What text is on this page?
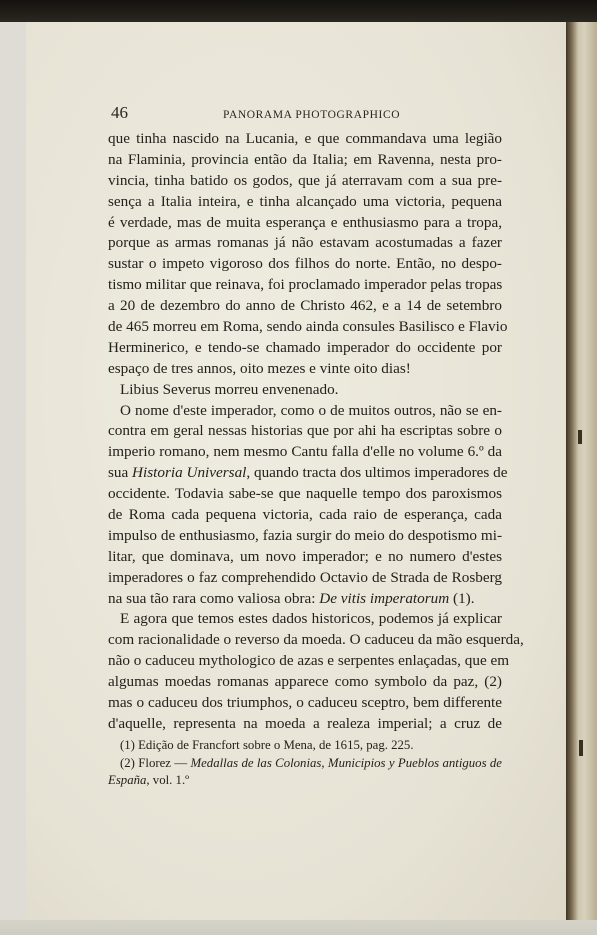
46	PANORAMA PHOTOGRAPHICO
que tinha nascido na Lucania, e que commandava uma legião
na Flaminia, provincia então da Italia; em Ravenna, nesta pro-
vincia, tinha batido os godos, que já aterravam com a sua pre-
sença a Italia inteira, e tinha alcançado uma victoria, pequena
é verdade, mas de muita esperança e enthusiasmo para a tropa,
porque as armas romanas já não estavam acostumadas a fazer
sustar o impeto vigoroso dos filhos do norte. Então, no despo-
tismo militar que reinava, foi proclamado imperador pelas tropas
a 20 de dezembro do anno de Christo 462, e a 14 de setembro
de 465 morreu em Roma, sendo ainda consules Basilisco e Flavio
Herminerico, e tendo-se chamado imperador do occidente por
espaço de tres annos, oito mezes e vinte oito dias!
Libius Severus morreu envenenado.
O nome d'este imperador, como o de muitos outros, não se en-
contra em geral nessas historias que por ahi ha escriptas sobre o
imperio romano, nem mesmo Cantu falla d'elle no volume 6.º da
sua Historia Universal, quando tracta dos ultimos imperadores de
occidente. Todavia sabe-se que naquelle tempo dos paroxismos
de Roma cada pequena victoria, cada raio de esperança, cada
impulso de enthusiasmo, fazia surgir do meio do despotismo mi-
litar, que dominava, um novo imperador; e no numero d'estes
imperadores o faz comprehendido Octavio de Strada de Rosberg
na sua tão rara como valiosa obra: De vitis imperatorum (1).
E agora que temos estes dados historicos, podemos já explicar
com racionalidade o reverso da moeda. O caduceu da mão esquerda,
não o caduceu mythologico de azas e serpentes enlaçadas, que em
algumas moedas romanas apparece como symbolo da paz, (2)
mas o caduceu dos triumphos, o caduceu sceptro, bem differente
d'aquelle, representa na moeda a realeza imperial; a cruz de
(1) Edição de Francfort sobre o Mena, de 1615, pag. 225.
(2) Florez — Medallas de las Colonias, Municipios y Pueblos antiguos de
España, vol. 1.º
